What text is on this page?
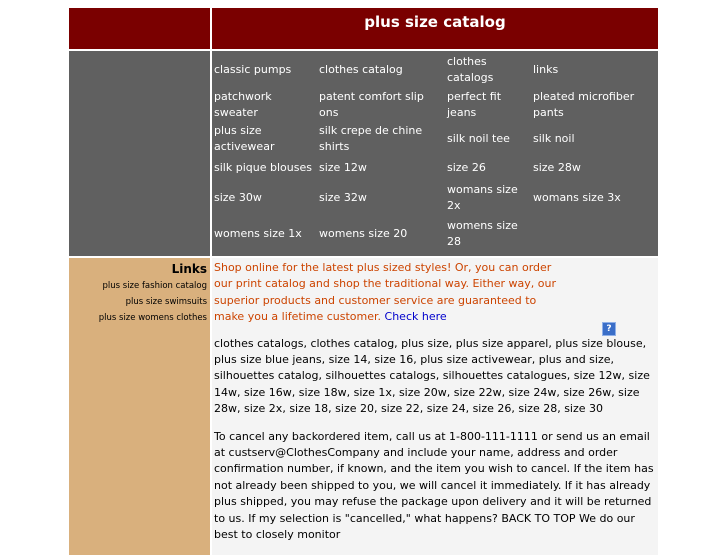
plus size catalog
classic pumps	clothes catalog	clothes catalogs	links
patchwork sweater	patent comfort slip ons	perfect fit jeans	pleated microfiber pants
plus size activewear	silk crepe de chine shirts	silk noil tee	silk noil
silk pique blouses	size 12w	size 26	size 28w
size 30w	size 32w	womans size 2x	womans size 3x
womens size 1x	womens size 20	womens size 28	
Links
plus size fashion catalog
plus size swimsuits
plus size womens clothes

Shop online for the latest plus sized styles! Or, you can order our print catalog and shop the traditional way. Either way, our superior products and customer service are guaranteed to make you a lifetime customer. Check here

?

clothes catalogs, clothes catalog, plus size, plus size apparel, plus size blouse, plus size blue jeans, size 14, size 16, plus size activewear, plus and size, silhouettes catalog, silhouettes catalogs, silhouettes catalogues, size 12w, size 14w, size 16w, size 18w, size 1x, size 20w, size 22w, size 24w, size 26w, size 28w, size 2x, size 18, size 20, size 22, size 24, size 26, size 28, size 30

To cancel any backordered item, call us at 1-800-111-1111 or send us an email at custserv@ClothesCompany and include your name, address and order confirmation number, if known, and the item you wish to cancel. If the item has not already been shipped to you, we will cancel it immediately. If it has already plus shipped, you may refuse the package upon delivery and it will be returned to us. If my selection is "cancelled," what happens? BACK TO TOP We do our best to closely monitor
